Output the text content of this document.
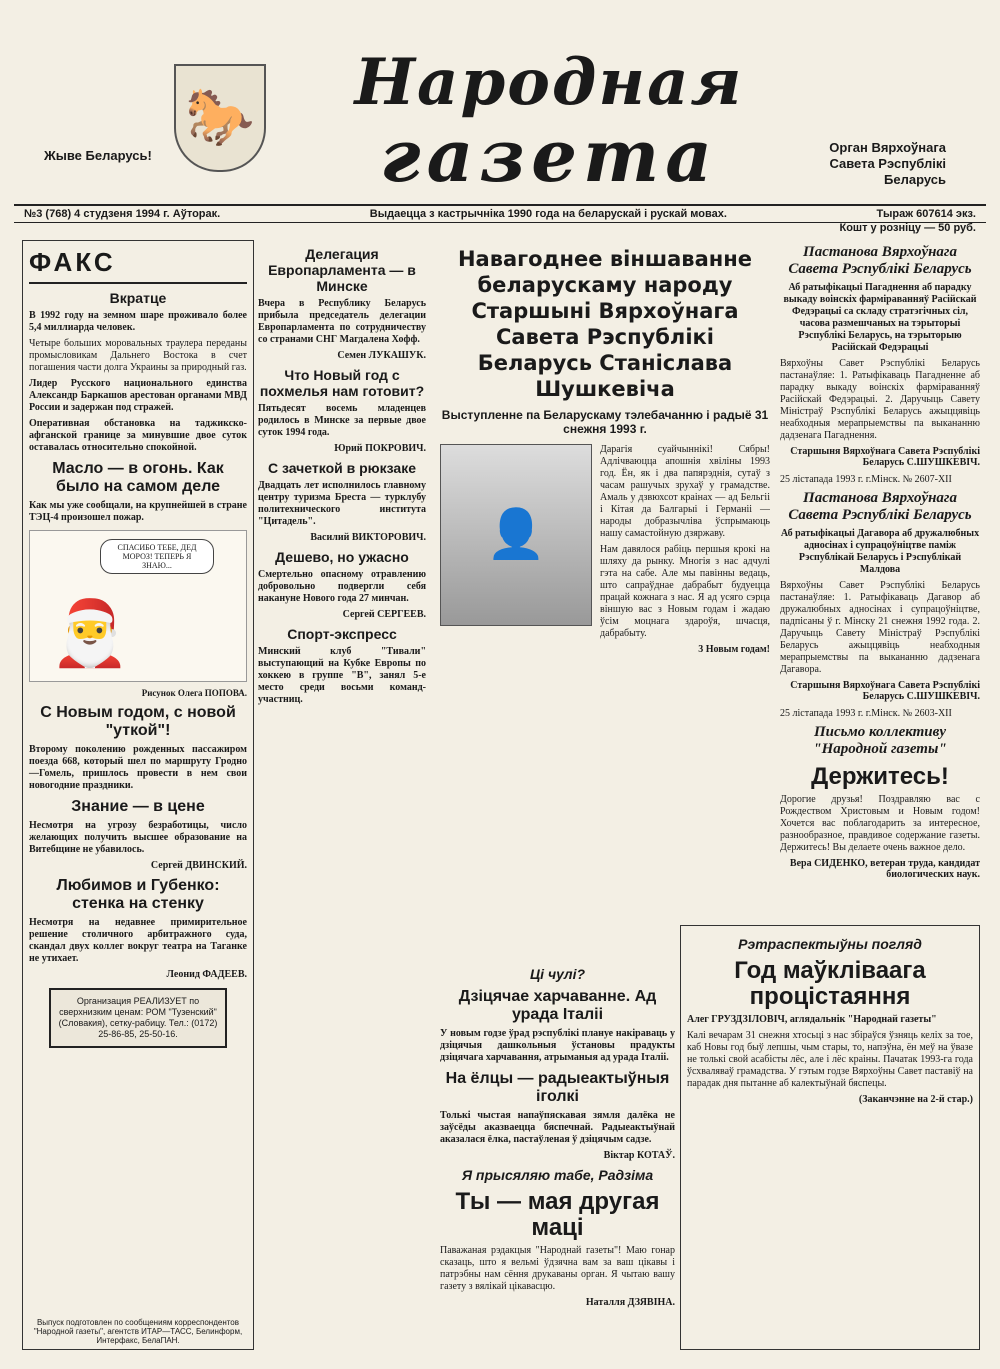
🐎
Жыве Беларусь!
Народная
газета	Орган Вярхоўнага Савета Рэспублікі Беларусь
№3 (768) 4 студзеня 1994 г. Аўторак.	Выдаецца з кастрычніка 1990 года на беларускай і рускай мовах.	Тыраж 607614 экз.
Кошт у розніцу — 50 руб.
ФАКС
Вкратце

В 1992 году на земном шаре проживало более 5,4 миллиарда человек.

Четыре больших моровальных траулера переданы промысловикам Дальнего Востока в счет погашения части долга Украины за природный газ.

Лидер Русского национального единства Александр Баркашов арестован органами МВД России и задержан под стражей.

Оперативная обстановка на таджикско-афганской границе за минувшие двое суток оставалась относительно спокойной.

Масло — в огонь. Как было на самом деле

Как мы уже сообщали, на крупнейшей в стране ТЭЦ-4 произошел пожар.

СПАСИБО ТЕБЕ, ДЕД МОРОЗ! ТЕПЕРЬ Я ЗНАЮ...
🎅
Рисунок Олега ПОПОВА.
С Новым годом, с новой "уткой"!

Второму поколению рожденных пассажиром поезда 668, который шел по маршруту Гродно—Гомель, пришлось провести в нем свои новогодние праздники.

Знание — в цене

Несмотря на угрозу безработицы, число желающих получить высшее образование на Витебщине не убавилось.

Сергей ДВИНСКИЙ.
Любимов и Губенко: стенка на стенку

Несмотря на недавнее примирительное решение столичного арбитражного суда, скандал двух коллег вокруг театра на Таганке не утихает.

Леонид ФАДЕЕВ.
Организация РЕАЛИЗУЕТ по сверхнизким ценам: РОМ "Тузенский" (Словакия), сетку-рабицу. Тел.: (0172) 25-86-85, 25-50-16.
Выпуск подготовлен по сообщениям корреспондентов "Народной газеты", агентств ИТАР—ТАСС, Белинформ, Интерфакс, БелаПАН.
Делегация Европарламента — в Минске

Вчера в Республику Беларусь прибыла председатель делегации Европарламента по сотрудничеству со странами СНГ Магдалена Хофф.

Семен ЛУКАШУК.
Что Новый год с похмелья нам готовит?

Пятьдесят восемь младенцев родилось в Минске за первые двое суток 1994 года.

Юрий ПОКРОВИЧ.
С зачеткой в рюкзаке

Двадцать лет исполнилось главному центру туризма Бреста — турклубу политехнического института "Цитадель".

Василий ВИКТОРОВИЧ.
Дешево, но ужасно

Смертельно опасному отравлению добровольно подвергли себя накануне Нового года 27 минчан.

Сергей СЕРГЕЕВ.
Спорт-экспресс

Минский клуб "Тивали" выступающий на Кубке Европы по хоккею в группе "B", занял 5-е место среди восьми команд-участниц.

Навагоднее віншаванне беларускаму народу Старшыні Вярхоўнага Савета Рэспублікі Беларусь Станіслава Шушкевіча
Выступленне па Беларускаму тэлебачанню і радыё 31 снежня 1993 г.
👤

Дарагія суайчыннікі! Сябры! Адлічваюцца апошнія хвіліны 1993 год. Ён, як і два папярэднія, сутаў з часам рашучых зрухаў у грамадстве. Амаль у дзвюхсот краінах — ад Бельгіі і Кітая да Балгарыі і Германіі — народы добразычліва ўспрымаюць нашу самастойную дзяржаву.

Нам давялося рабіць першыя крокі на шляху да рынку. Многія з нас адчулі гэта на сабе. Але мы павінны ведаць, што сапраўднае дабрабыт будуецца працай кожнага з нас. Я ад усяго сэрца віншую вас з Новым годам і жадаю ўсім моцнага здароўя, шчасця, дабрабыту.

3 Новым годам!
Пастанова Вярхоўнага Савета Рэспублікі Беларусь
Аб ратыфікацыі Пагаднення аб парадку выкаду воінскіх фарміраванняў Расійскай Федэрацыі са складу стратэгічных сіл, часова размешчаных на тэрыторыі Рэспублікі Беларусь, на тэрыторыю Расійскай Федэрацыі

Вярхоўны Савет Рэспублікі Беларусь пастанаўляе: 1. Ратыфікаваць Пагадненне аб парадку выкаду воінскіх фарміраванняў Расійскай Федэрацыі. 2. Даручыць Савету Міністраў Рэспублікі Беларусь ажыццявіць неабходныя мерапрыемствы па выкананню дадзенага Пагаднення.

Старшыня Вярхоўнага Савета Рэспублікі Беларусь С.ШУШКЕВІЧ.
25 лістапада 1993 г. г.Мінск. № 2607-XII
Пастанова Вярхоўнага Савета Рэспублікі Беларусь
Аб ратыфікацыі Дагавора аб дружалюбных адносінах і супрацоўніцтве паміж Рэспублікай Беларусь і Рэспублікай Малдова

Вярхоўны Савет Рэспублікі Беларусь пастанаўляе: 1. Ратыфікаваць Дагавор аб дружалюбных адносінах і супрацоўніцтве, падпісаны ў г. Мінску 21 снежня 1992 года. 2. Даручыць Савету Міністраў Рэспублікі Беларусь ажыццявіць неабходныя мерапрыемствы па выкананню дадзенага Дагавора.

Старшыня Вярхоўнага Савета Рэспублікі Беларусь С.ШУШКЕВІЧ.
25 лістапада 1993 г. г.Мінск. № 2603-XII
Письмо коллективу "Народной газеты"
Держитесь!

Дорогие друзья! Поздравляю вас с Рождеством Христовым и Новым годом! Хочется вас поблагодарить за интересное, разнообразное, правдивое содержание газеты. Держитесь! Вы делаете очень важное дело.

Вера СИДЕНКО, ветеран труда, кандидат биологических наук.
Ці чулі?
Дзіцячае харчаванне. Ад урада Італіі

У новым годзе ўрад рэспублікі плануе накіраваць у дзіцячыя дашкольныя ўстановы прадукты дзіцячага харчавання, атрыманыя ад урада Італіі.

На ёлцы — радыеактыўныя іголкі

Толькі чыстая напаўпяскавая зямля далёка не заўсёды аказваецца бяспечнай. Радыеактыўнай аказалася ёлка, пастаўленая ў дзіцячым садзе.

Віктар КОТАЎ.
Я прысяляю табе, Радзіма
Ты — мая другая маці

Паважаная рэдакцыя "Народнай газеты"! Маю гонар сказаць, што я вельмі ўдзячна вам за ваш цікавы і патрэбны нам сёння друкаваны орган. Я чытаю вашу газету з вялікай цікавасцю.

Наталля ДЗЯВІНА.
Рэтраспектыўны погляд
Год маўкліваага процістаяння
Алег ГРУЗДЗІЛОВІЧ, аглядальнік "Народнай газеты"

Калі вечарам 31 снежня хтосьці з нас збіраўся ўзняць келіх за тое, каб Новы год быў лепшы, чым стары, то, напэўна, ён меў на ўвазе не толькі свой асабісты лёс, але і лёс краіны. Пачатак 1993-га года ўсхваляваў грамадства. У гэтым годзе Вярхоўны Савет паставіў на парадак дня пытанне аб калектыўнай бяспецы.

(Заканчэнне на 2-й стар.)
